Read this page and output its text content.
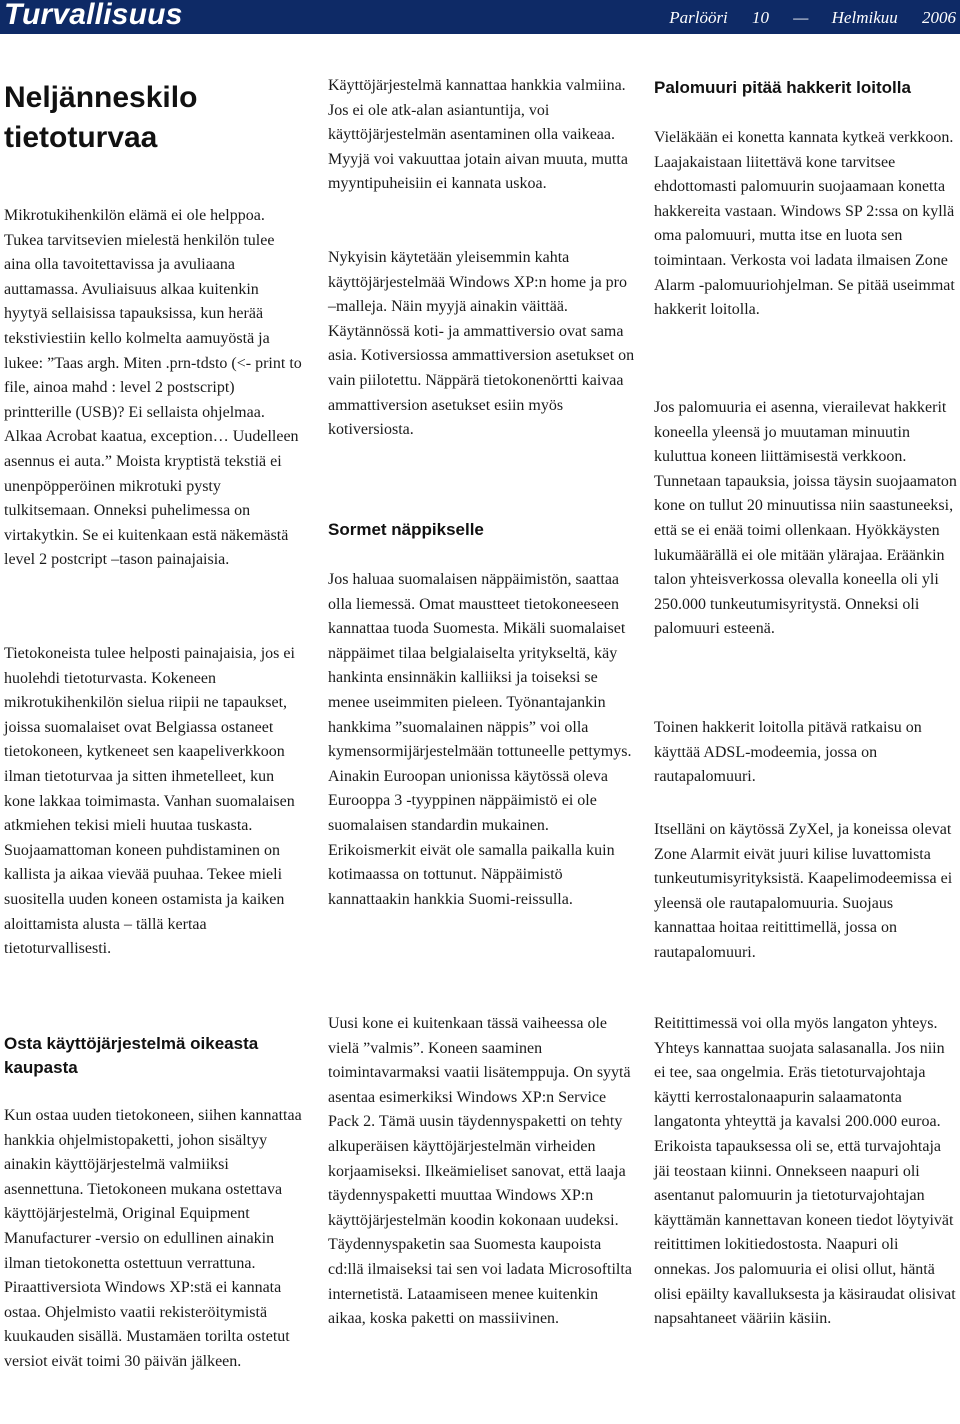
Turvallisuus	Parlööri 10 — Helmikuu 2006
Neljänneskilo tietoturvaa

Mikrotukihenkilön elämä ei ole helppoa. Tukea tarvitsevien mielestä henkilön tulee aina olla tavoitettavissa ja avuliaana auttamassa. Avuliaisuus alkaa kuitenkin hyytyä sellaisissa tapauksissa, kun herää tekstiviestiin kello kolmelta aamuyöstä ja lukee: ”Taas argh. Miten .prn-tdsto (<- print to file, ainoa mahd : level 2 postscript) printterille (USB)? Ei sellaista ohjelmaa. Alkaa Acrobat kaatua, exception… Uudelleen asennus ei auta.” Moista kryptistä tekstiä ei unenpöpperöinen mikrotuki pysty tulkitsemaan. Onneksi puhelimessa on virtakytkin. Se ei kuitenkaan estä näkemästä level 2 postcript –tason painajaisia.

Tietokoneista tulee helposti painajaisia, jos ei huolehdi tietoturvasta. Kokeneen mikrotukihenkilön sielua riipii ne tapaukset, joissa suomalaiset ovat Belgiassa ostaneet tietokoneen, kytkeneet sen kaapeliverkkoon ilman tietoturvaa ja sitten ihmetelleet, kun kone lakkaa toimimasta. Vanhan suomalaisen atkmiehen tekisi mieli huutaa tuskasta. Suojaamattoman koneen puhdistaminen on kallista ja aikaa vievää puuhaa. Tekee mieli suositella uuden koneen ostamista ja kaiken aloittamista alusta – tällä kertaa tietoturvallisesti.

Osta käyttöjärjestelmä oikeasta kaupasta

Kun ostaa uuden tietokoneen, siihen kannattaa hankkia ohjelmistopaketti, johon sisältyy ainakin käyttöjärjestelmä valmiiksi asennettuna. Tietokoneen mukana ostettava käyttöjärjestelmä, Original Equipment Manufacturer -versio on edullinen ainakin ilman tietokonetta ostettuun verrattuna. Piraattiversiota Windows XP:stä ei kannata ostaa. Ohjelmisto vaatii rekisteröitymistä kuukauden sisällä. Mustamäen torilta ostetut versiot eivät toimi 30 päivän jälkeen.

Käyttöjärjestelmä kannattaa hankkia valmiina. Jos ei ole atk-alan asiantuntija, voi käyttöjärjestelmän asentaminen olla vaikeaa. Myyjä voi vakuuttaa jotain aivan muuta, mutta myyntipuheisiin ei kannata uskoa.

Nykyisin käytetään yleisemmin kahta käyttöjärjestelmää Windows XP:n home ja pro –malleja. Näin myyjä ainakin väittää. Käytännössä koti- ja ammattiversio ovat sama asia. Kotiversiossa ammattiversion asetukset on vain piilotettu. Näppärä tietokonenörtti kaivaa ammattiversion asetukset esiin myös kotiversiosta.

Sormet näppikselle

Jos haluaa suomalaisen näppäimistön, saattaa olla liemessä. Omat maustteet tietokoneeseen kannattaa tuoda Suomesta. Mikäli suomalaiset näppäimet tilaa belgialaiselta yritykseltä, käy hankinta ensinnäkin kalliiksi ja toiseksi se menee useimmiten pieleen. Työnantajankin hankkima ”suomalainen näppis” voi olla kymensormijärjestelmään tottuneelle pettymys. Ainakin Euroopan unionissa käytössä oleva Eurooppa 3 -tyyppinen näppäimistö ei ole suomalaisen standardin mukainen. Erikoismerkit eivät ole samalla paikalla kuin kotimaassa on tottunut. Näppäimistö kannattaakin hankkia Suomi-reissulla.

Uusi kone ei kuitenkaan tässä vaiheessa ole vielä ”valmis”. Koneen saaminen toimintavarmaksi vaatii lisätemppuja. On syytä asentaa esimerkiksi Windows XP:n Service Pack 2. Tämä uusin täydennyspaketti on tehty alkuperäisen käyttöjärjestelmän virheiden korjaamiseksi. Ilkeämieliset sanovat, että laaja täydennyspaketti muuttaa Windows XP:n käyttöjärjestelmän koodin kokonaan uudeksi. Täydennyspaketin saa Suomesta kaupoista cd:llä ilmaiseksi tai sen voi ladata Microsoftilta internetistä. Lataamiseen menee kuitenkin aikaa, koska paketti on massiivinen.

Palomuuri pitää hakkerit loitolla

Vieläkään ei konetta kannata kytkeä verkkoon. Laajakaistaan liitettävä kone tarvitsee ehdottomasti palomuurin suojaamaan konetta hakkereita vastaan. Windows SP 2:ssa on kyllä oma palomuuri, mutta itse en luota sen toimintaan. Verkosta voi ladata ilmaisen Zone Alarm -palomuuriohjelman. Se pitää useimmat hakkerit loitolla.

Jos palomuuria ei asenna, vierailevat hakkerit koneella yleensä jo muutaman minuutin kuluttua koneen liittämisestä verkkoon. Tunnetaan tapauksia, joissa täysin suojaamaton kone on tullut 20 minuutissa niin saastuneeksi, että se ei enää toimi ollenkaan. Hyökkäysten lukumäärällä ei ole mitään ylärajaa. Eräänkin talon yhteisverkossa olevalla koneella oli yli 250.000 tunkeutumisyritystä. Onneksi oli palomuuri esteenä.

Toinen hakkerit loitolla pitävä ratkaisu on käyttää ADSL-modeemia, jossa on rautapalomuuri.

Itselläni on käytössä ZyXel, ja koneissa olevat Zone Alarmit eivät juuri kilise luvattomista tunkeutumisyrityksistä. Kaapelimodeemissa ei yleensä ole rautapalomuuria. Suojaus kannattaa hoitaa reitittimellä, jossa on rautapalomuuri.

Reitittimessä voi olla myös langaton yhteys. Yhteys kannattaa suojata salasanalla. Jos niin ei tee, saa ongelmia. Eräs tietoturvajohtaja käytti kerrostalonaapurin salaamatonta langatonta yhteyttä ja kavalsi 200.000 euroa. Erikoista tapauksessa oli se, että turvajohtaja jäi teostaan kiinni. Onnekseen naapuri oli asentanut palomuurin ja tietoturvajohtajan käyttämän kannettavan koneen tiedot löytyivät reitittimen lokitiedostosta. Naapuri oli onnekas. Jos palomuuria ei olisi ollut, häntä olisi epäilty kavalluksesta ja käsiraudat olisivat napsahtaneet vääriin käsiin.
